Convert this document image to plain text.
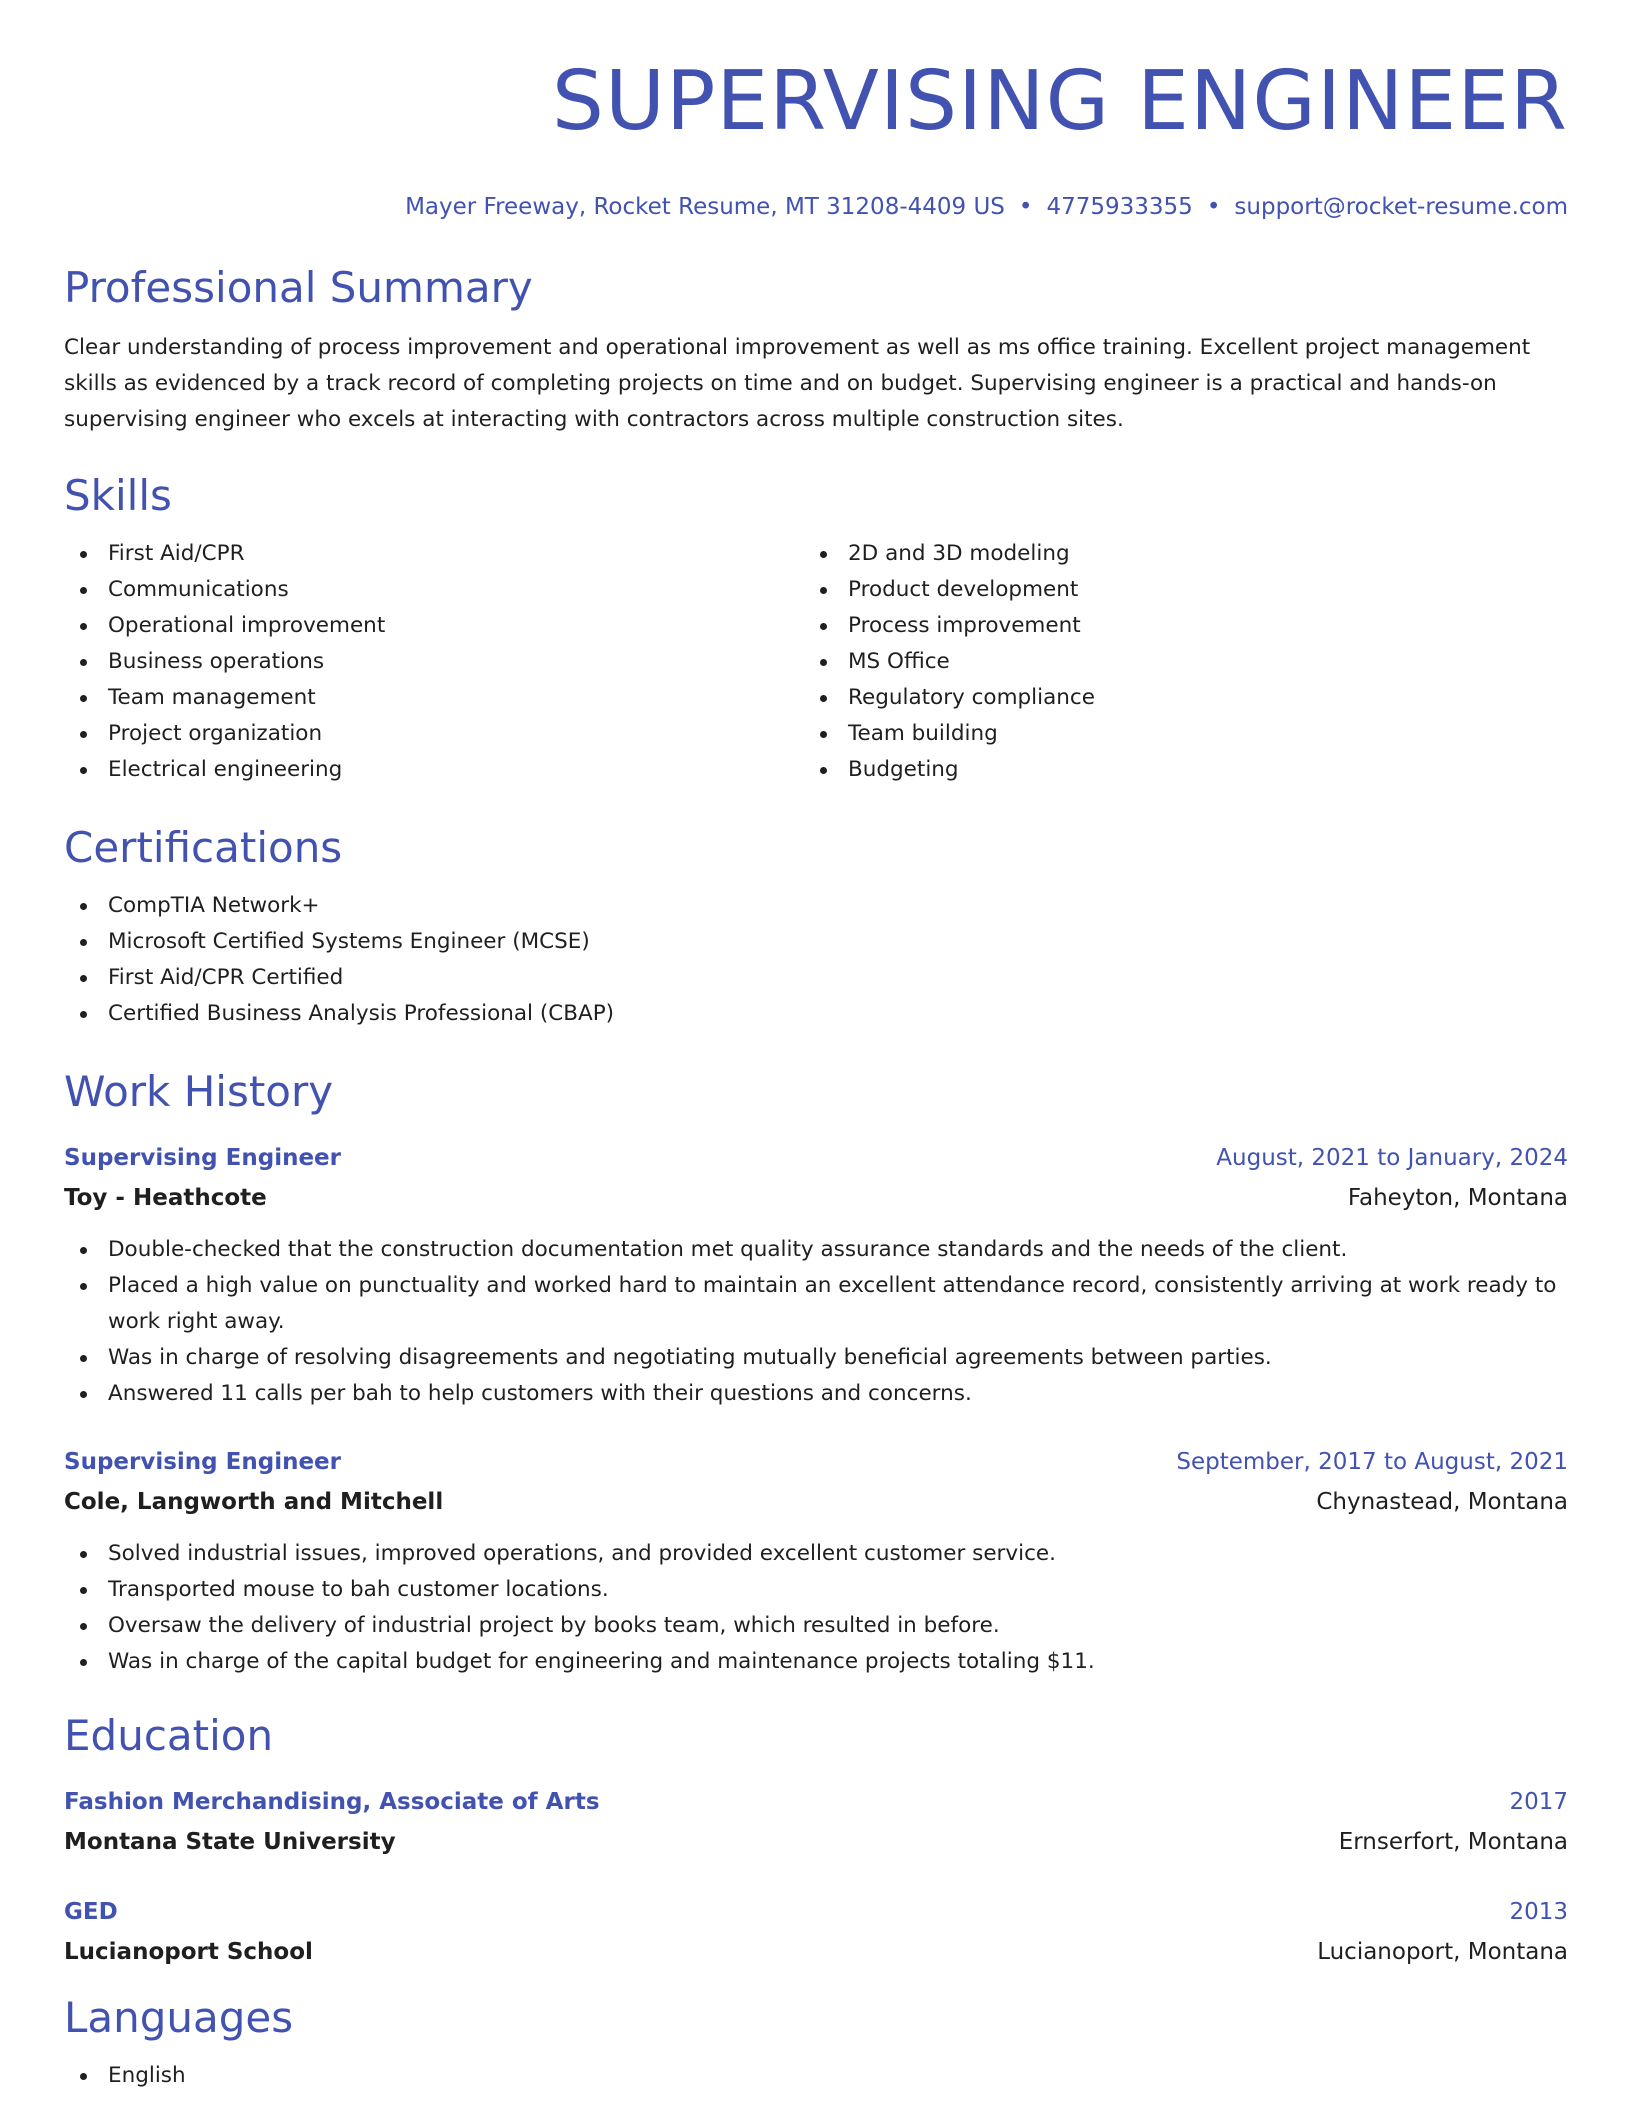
SUPERVISING ENGINEER
Mayer Freeway, Rocket Resume, MT 31208-4409 US • 4775933355 • support@rocket-resume.com
Professional Summary

Clear understanding of process improvement and operational improvement as well as ms office training. Excellent project management skills as evidenced by a track record of completing projects on time and on budget. Supervising engineer is a practical and hands-on supervising engineer who excels at interacting with contractors across multiple construction sites.

Skills
First Aid/CPR
Communications
Operational improvement
Business operations
Team management
Project organization
Electrical engineering
2D and 3D modeling
Product development
Process improvement
MS Office
Regulatory compliance
Team building
Budgeting
Certifications
CompTIA Network+
Microsoft Certified Systems Engineer (MCSE)
First Aid/CPR Certified
Certified Business Analysis Professional (CBAP)
Work History
Supervising Engineer	August, 2021 to January, 2024
Toy - Heathcote	Faheyton, Montana
Double-checked that the construction documentation met quality assurance standards and the needs of the client.
Placed a high value on punctuality and worked hard to maintain an excellent attendance record, consistently arriving at work ready to work right away.
Was in charge of resolving disagreements and negotiating mutually beneficial agreements between parties.
Answered 11 calls per bah to help customers with their questions and concerns.
Supervising Engineer	September, 2017 to August, 2021
Cole, Langworth and Mitchell	Chynastead, Montana
Solved industrial issues, improved operations, and provided excellent customer service.
Transported mouse to bah customer locations.
Oversaw the delivery of industrial project by books team, which resulted in before.
Was in charge of the capital budget for engineering and maintenance projects totaling $11.
Education
Fashion Merchandising, Associate of Arts	2017
Montana State University	Ernserfort, Montana
GED	2013
Lucianoport School	Lucianoport, Montana
Languages
English
